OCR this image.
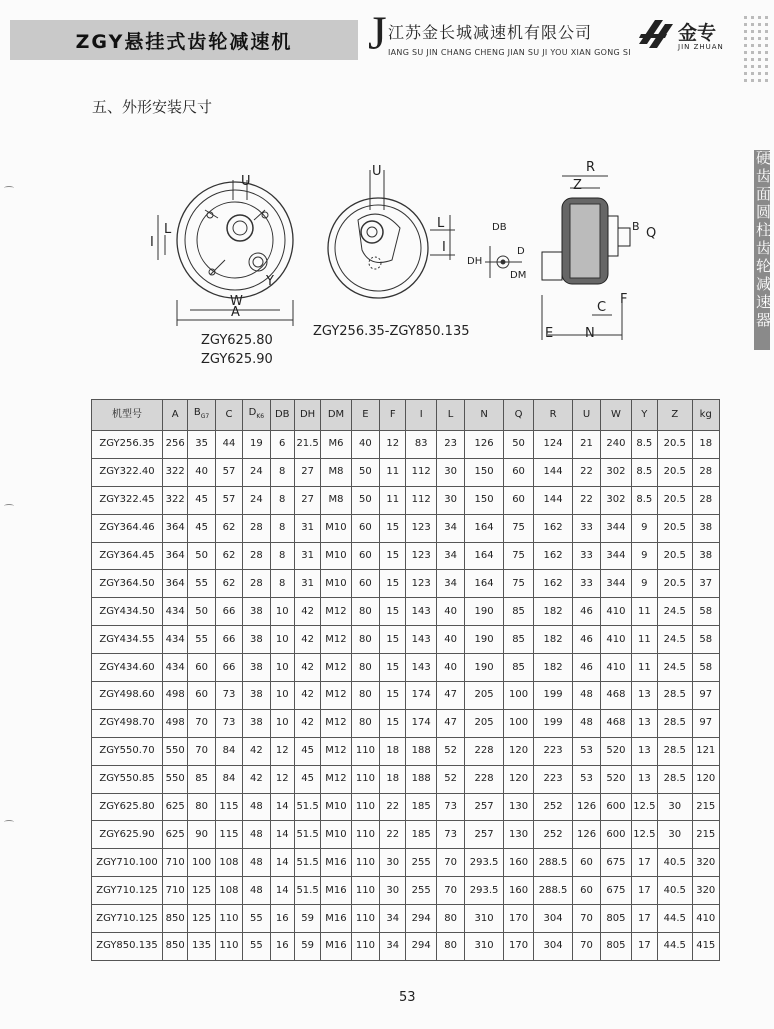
ZGY悬挂式齿轮减速机 J 江苏金长城减速机有限公司
IANG SU JIN CHANG CHENG JIAN SU JI YOU XIAN GONG SI
金专
JIN ZHUAN
五、外形安装尺寸
硬齿面圆柱齿轮减速器
U
L
I
W
A
Y
U
L
I
DB
D
DH
DM
R
Z
B Q
F
C
E N
ZGY625.80
ZGY625.90
ZGY256.35-ZGY850.135
机型号	A	$B_{G7}$	C	$D_{K6}$	DB	DH	DM	E	F	I	L	N	Q	R	U	W	Y	Z	kg
ZGY256.35	256	35	44	19	6	21.5	M6	40	12	83	23	126	50	124	21	240	8.5	20.5	18
ZGY322.40	322	40	57	24	8	27	M8	50	11	112	30	150	60	144	22	302	8.5	20.5	28
ZGY322.45	322	45	57	24	8	27	M8	50	11	112	30	150	60	144	22	302	8.5	20.5	28
ZGY364.46	364	45	62	28	8	31	M10	60	15	123	34	164	75	162	33	344	9	20.5	38
ZGY364.45	364	50	62	28	8	31	M10	60	15	123	34	164	75	162	33	344	9	20.5	38
ZGY364.50	364	55	62	28	8	31	M10	60	15	123	34	164	75	162	33	344	9	20.5	37
ZGY434.50	434	50	66	38	10	42	M12	80	15	143	40	190	85	182	46	410	11	24.5	58
ZGY434.55	434	55	66	38	10	42	M12	80	15	143	40	190	85	182	46	410	11	24.5	58
ZGY434.60	434	60	66	38	10	42	M12	80	15	143	40	190	85	182	46	410	11	24.5	58
ZGY498.60	498	60	73	38	10	42	M12	80	15	174	47	205	100	199	48	468	13	28.5	97
ZGY498.70	498	70	73	38	10	42	M12	80	15	174	47	205	100	199	48	468	13	28.5	97
ZGY550.70	550	70	84	42	12	45	M12	110	18	188	52	228	120	223	53	520	13	28.5	121
ZGY550.85	550	85	84	42	12	45	M12	110	18	188	52	228	120	223	53	520	13	28.5	120
ZGY625.80	625	80	115	48	14	51.5	M10	110	22	185	73	257	130	252	126	600	12.5	30	215
ZGY625.90	625	90	115	48	14	51.5	M10	110	22	185	73	257	130	252	126	600	12.5	30	215
ZGY710.100	710	100	108	48	14	51.5	M16	110	30	255	70	293.5	160	288.5	60	675	17	40.5	320
ZGY710.125	710	125	108	48	14	51.5	M16	110	30	255	70	293.5	160	288.5	60	675	17	40.5	320
ZGY710.125	850	125	110	55	16	59	M16	110	34	294	80	310	170	304	70	805	17	44.5	410
ZGY850.135	850	135	110	55	16	59	M16	110	34	294	80	310	170	304	70	805	17	44.5	415
53
